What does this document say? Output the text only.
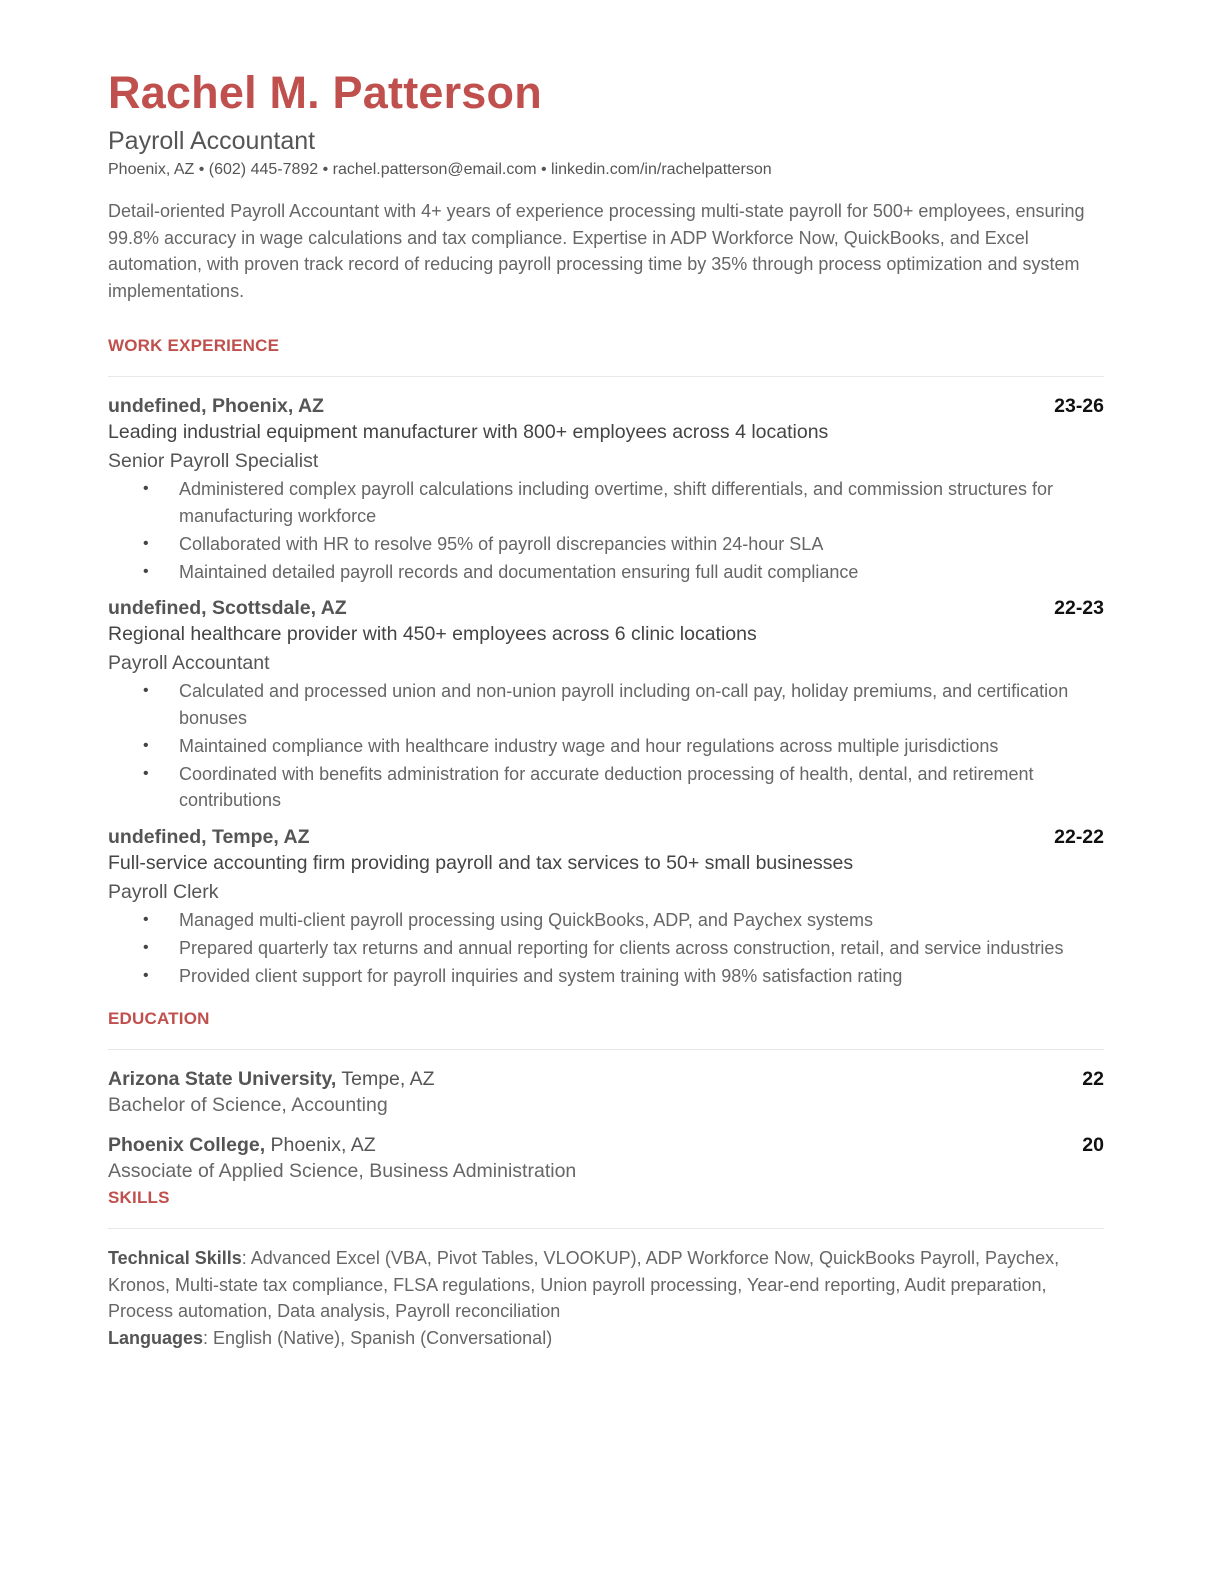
Rachel M. Patterson
Payroll Accountant
Phoenix, AZ • (602) 445-7892 • rachel.patterson@email.com • linkedin.com/in/rachelpatterson
Detail-oriented Payroll Accountant with 4+ years of experience processing multi-state payroll for 500+ employees, ensuring 99.8% accuracy in wage calculations and tax compliance. Expertise in ADP Workforce Now, QuickBooks, and Excel automation, with proven track record of reducing payroll processing time by 35% through process optimization and system implementations.
WORK EXPERIENCE
undefined, Phoenix, AZ	23-26
Leading industrial equipment manufacturer with 800+ employees across 4 locations
Senior Payroll Specialist
• Administered complex payroll calculations including overtime, shift differentials, and commission structures for manufacturing workforce
• Collaborated with HR to resolve 95% of payroll discrepancies within 24-hour SLA
• Maintained detailed payroll records and documentation ensuring full audit compliance
undefined, Scottsdale, AZ	22-23
Regional healthcare provider with 450+ employees across 6 clinic locations
Payroll Accountant
• Calculated and processed union and non-union payroll including on-call pay, holiday premiums, and certification bonuses
• Maintained compliance with healthcare industry wage and hour regulations across multiple jurisdictions
• Coordinated with benefits administration for accurate deduction processing of health, dental, and retirement contributions
undefined, Tempe, AZ	22-22
Full-service accounting firm providing payroll and tax services to 50+ small businesses
Payroll Clerk
• Managed multi-client payroll processing using QuickBooks, ADP, and Paychex systems
• Prepared quarterly tax returns and annual reporting for clients across construction, retail, and service industries
• Provided client support for payroll inquiries and system training with 98% satisfaction rating
EDUCATION
Arizona State University, Tempe, AZ	22
Bachelor of Science, Accounting
Phoenix College, Phoenix, AZ	20
Associate of Applied Science, Business Administration
SKILLS
Technical Skills: Advanced Excel (VBA, Pivot Tables, VLOOKUP), ADP Workforce Now, QuickBooks Payroll, Paychex, Kronos, Multi-state tax compliance, FLSA regulations, Union payroll processing, Year-end reporting, Audit preparation, Process automation, Data analysis, Payroll reconciliation
Languages: English (Native), Spanish (Conversational)
